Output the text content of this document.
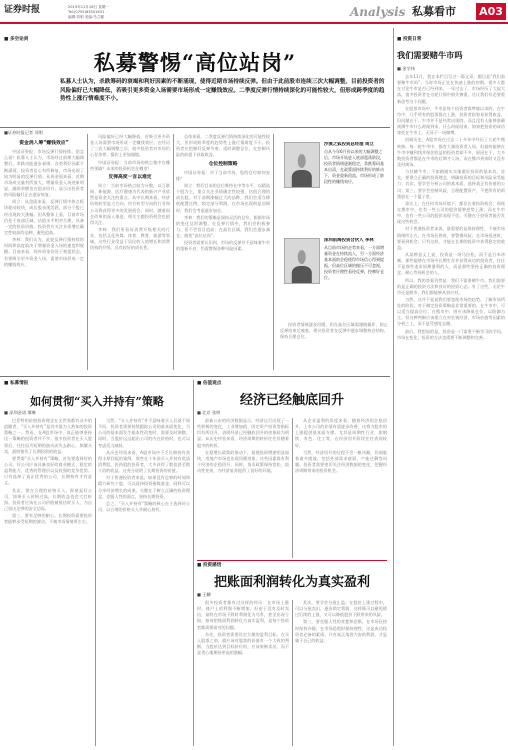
证券时报	2015年11月16日 星期一
Tel:(0755)83501631
编辑:刘明 美编:马立娜	Analysis 私募看市 A03
■ 多空论剑
私募警惕“高位站岗”
私募人士认为，杀跌筹码的衰竭和利好因素的不断涌现，使得近期市场持续反弹。但由于此前股市连续三次大幅调整，目前投资者的风险偏好已大幅降低，若吸引更多资金入场需要市场形成一定赚钱效应。二季度反弹行情持续深化的可能性较大，但形成跨季度的趋势性上涨行情难度不小。
■证券时报记者 刘明

资金消入筹“赚钱效应”

中国证券报：市场反弹行情持续，您怎么看？私募人士认为，市场经过前期大幅调整后，杀跌动能逐步衰竭，各类利好因素不断涌现，投资者信心有所修复，市场出现了较为明显的反弹行情。从资金面来看，近期市场成交量有所放大，增量资金入场迹象明显，融资余额也在稳步回升，显示出投资者的风险偏好正在逐步恢复。

周立：从盘面来看，反弹行情中热点板块轮动较快，成长股表现活跃，部分个股已经出现较大涨幅。但从整体上看，目前市场仍处于底部区域，估值水平相对合理，具备一定的投资价值。投资者应关注业绩增长确定性较高的品种，避免追高。

李林：我们认为，此轮反弹行情持续的时间和高度取决于增量资金入场的速度和规模。目前来看，场外资金仍处于观望状态，若要吸引更多资金入场，需要市场形成一定的赚钱效应。

风险偏好已经大幅降低，若吸引更多资金入场需要市场形成一定赚钱效应。在经历了三次大幅调整之后，很多投资者对市场仍心存余悸，操作上更加谨慎。

中国证券报：当前市场的热点集中在哪些领域？未来的投资机会在哪里？

反弹高度一言以难定

周立：当前市场热点较为分散，以互联网、新能源、医疗健康为代表的新兴产业依然是资金关注的重点。从中长期来看，经济结构转型是大方向，符合转型方向的行业和公司将获得更多的发展机会。同时，随着国企改革的深入推进，相关主题投资机会也值得关注。

李林：我们更看好消费升级相关的行业，包括文化传媒、体育、教育、旅游等领域，这些行业受益于居民收入的增长和消费结构的升级，具有较好的成长性。

总体来看，二季度反弹行情持续深化的可能性较大，但形成跨季度的趋势性上涨行情难度不小。投资者应把握好反弹节奏，适时调整仓位，在控制风险的前提下获取收益。

仓位控制策略

中国证券报：对于当前市场，您的仓位如何安排？

周立：我们目前的仓位维持在中等水平，以精选个股为主，重点关注业绩确定性较强、估值合理的成长股。对于前期涨幅过大的品种，我们会适当降低配置比例，锁定部分利润。在市场出现明显回调时，我们会考虑逐步加仓。

李林：我们的策略是保持灵活的仓位，根据市场的变化及时调整。在反弹行情中，我们会积极参与，但不会盲目追高；在高位区域，我们会逐步减仓，避免“高位站岗”。

投资者需要认识到，市场的反弹并不意味着牛市的重新开启，仍需警惕各种风险因素。

沙漠之狐投资总经理 周立
自从今年6月份以来的大幅调整之后，市场开始进入底部震荡阶段，投资者情绪逐渐稳定，杀跌筹码基本出清，在政策面持续利好的推动下，资金重新回流，市场形成了阶段性的赚钱效应。
深圳前海投资合伙人 李林
从目前市场的走势来看，一方面增量资金在持续流入，另一方面经济基本面的企稳使得市场信心得到提振，但高位区域的抛压不可忽视，投资者应理性看待反弹，控制好仓位。

投资者情绪逐步回暖，但在高位区域需谨慎操作，防止反弹结束后被套。建议投资者在反弹中逐步调整持仓结构，保持合理仓位。

■ 私募情报
如何贯彻“买入并持有”策略
■ 深圳金诺 谭琳

巴菲特的价值投资理念在全世界都有众多的追随者，“买入并持有”是其中最为人熟知的投资策略之一。然而，在A股市场中，真正能够坚持这一策略的投资者并不多。很多投资者在买入股票后，往往因为短期的波动而失去耐心，频繁买卖，最终错失了长期投资的收益。

要贯彻“买入并持有”策略，首先要选择好的公司。好公司应该具备良好的商业模式、稳定的盈利能力、优秀的管理层以及较强的竞争优势。只有选择了真正优秀的公司，长期持有才有意义。

其次，要在合理的价格买入。即使是好公司，如果买入价格过高，长期收益也会大打折扣。投资者应该在公司价值被低估时买入，为自己留出足够的安全边际。

第三，要有足够的耐心。长期投资需要投资者能够承受短期的波动，不被市场情绪所左右。

当然，“买入并持有”并不意味着买入后就不闻不问。投资者需要持续跟踪公司的基本面变化，当公司的基本面发生根本性改变时，需要及时调整。同时，当股价远远超出公司的内在价值时，也可以考虑适当减持。

从历史经验来看，A股市场中不乏长期持有获得丰厚回报的案例。那些在十年前买入并持有优质消费股、医药股的投资者，大多获得了数倍甚至数十倍的收益。这充分说明了长期投资的价值。

对于普通投资者来说，如果没有足够的时间和精力研究个股，可以选择投资指数基金，同样可以分享经济增长的成果。关键在于树立正确的投资理念，克服人性的弱点，坚持长期投资。

总之，“买入并持有”策略的核心在于选择好公司、以合理的价格买入并耐心持有。

■ 估值观点
经济已经触底回升
■ 北京 张明

最新公布的经济数据显示，经济运行出现了一些积极的变化，工业增加值、固定资产投资等指标均有所回升，表明经济已经触底回升的迹象较为明显。从历史经验来看，经济周期的转折往往伴随着股市的转折。

在稳增长政策的推动下，基建投资增速明显加快，房地产市场也出现回暖迹象，这些因素都有利于经济的企稳回升。同时，货币政策保持宽松，流动性充裕，为经济复苏提供了良好的环境。

从企业盈利的角度来看，随着经济的企稳回升，上市公司的业绩有望逐步改善，这将为股市的上涨提供基本面支撑。尤其是周期性行业，如钢铁、有色、化工等，在经济回升阶段往往表现较好。

当然，经济回升的过程不会一帆风顺，仍面临着诸多挑战，包括外部需求疲弱、产能过剩等问题。投资者需要密切关注经济数据的变化，把握经济周期带来的投资机会。

■ 投资感悟
把账面利润转化为真实盈利
■ 王麟

很多投资者都有过这样的经历：在市场上涨时，账户上的利润不断增加，但由于没有及时卖出，最终在市场下跌时利润化为乌有，甚至出现亏损。如何把账面利润转化为真实盈利，是每个投资者都需要面对的问题。

首先，投资者需要设定合理的盈利目标。在买入股票之前，就应该对股票的价值有一个大致的判断，当股价达到目标价位时，应该果断卖出，而不是贪心地期待更高的涨幅。

其次，要学会分批止盈。在股价上涨过程中，可以分批卖出，逐步锁定利润，这样既可以避免错过后续的上涨，又可以降低股价下跌带来的风险。

第三，要克服人性的贪婪和恐惧。在市场狂热时保持冷静，在市场恐慌时保持理性，这是成功投资者必备的素质。只有真正落袋为安的利润，才是属于自己的收益。

■ 投资日常
我们需要赌牛市吗
■ 金学伟

去年11月，我在本栏目写过一篇文章，题目是“我们需要赌牛市吗”。当时市场正处在快速上涨的初期，很多人都在讨论牛市是否已经到来。一年过去了，市场经历了大起大落，很多投资者在这轮行情中损失惨重，这让我们有必要重新思考这个问题。

在股票市场中，牛市是每个投资者都梦寐以求的。在牛市中，几乎所有的股票都在上涨，投资者很容易获得收益。但问题在于，牛市并不是经常出现的，而且没有人能够准确预测牛市什么时候到来、什么时候结束。如果把投资的成功寄托在牛市上，无异于一场赌博。

回顾历史，A股市场在过去二十多年中经历了几轮牛熊转换。每一轮牛市中，都有大量投资者入场，但最终能够在牛市中赚到钱并保住收益的投资者却不多。原因在于，大多数投资者都是在牛市的后期才入场，而在熊市到来时又没有及时离场。

与其赌牛市，不如踏踏实实地做好投资的基本功。首先，要建立正确的投资理念，明确投资的目标和风险承受能力；其次，要学会分析公司的基本面，选择真正有价值的公司；第三，要学会控制风险，合理配置资产，不把所有的鸡蛋放在一个篮子里。

事实上，在任何市场环境下，都存在着投资机会。即使在熊市中，也有一些公司的股价能够逆势上涨；而在牛市中，也有一些公司的股价表现不佳。关键在于投资者能否发现这些机会。

对于普通投资者来说，最重要的是保持理性，不被市场情绪所左右。在市场狂热时，要警惕风险；在市场低迷时，要看到机会。只有这样，才能在长期的投资中获得稳定的收益。

从某种意义上说，投资是一场马拉松，而不是百米冲刺。那些能够在市场中长期生存并获得成功的投资者，往往不是那些追求短期暴利的人，而是那些坚持正确的投资理念、耐心等待机会的人。

所以，我的答案仍然是：我们不需要赌牛市。我们需要的是正确的投资方法和良好的投资心态。有了这些，无论牛市还是熊市，我们都能够从容应对。

当然，这并不是说我们要忽视市场的趋势。了解市场所处的阶段，对于制定投资策略是非常重要的。在牛市中，可以适当提高仓位；在熊市中，则应该降低仓位，以防御为主。但这种判断应该建立在对宏观经济、市场估值等因素的分析之上，而不是凭感觉去赌。

最后，我想说的是，投资是一门需要不断学习的学问。市场在变化，投资的方法也需要不断调整和完善。
